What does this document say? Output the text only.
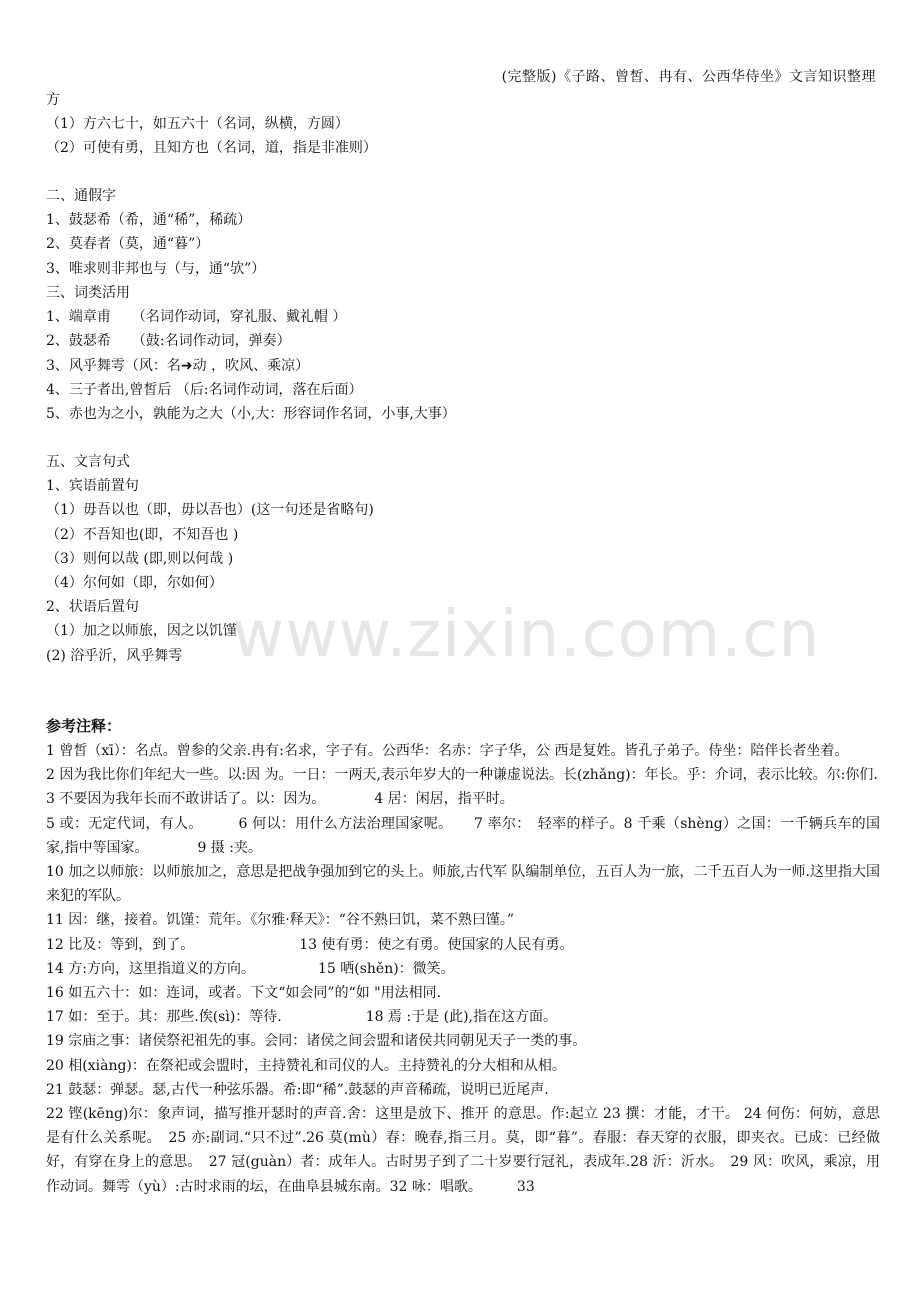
(完整版)《子路、曾皙、冉有、公西华侍坐》文言知识整理
www.zixin.com.cn
方
（1）方六七十，如五六十（名词，纵横，方圆）
（2）可使有勇，且知方也（名词，道，指是非准则）
二、通假字
1、鼓瑟希（希，通“稀”，稀疏）
2、莫春者（莫，通“暮”）
3、唯求则非邦也与（与，通“欤”）
三、词类活用
1、端章甫　　（名词作动词，穿礼服、戴礼帽 ）
2、鼓瑟希　　（鼓:名词作动词，弹奏）
3、风乎舞雩（风：名➜动 ，吹风、乘凉）
4、三子者出,曾皙后 （后:名词作动词，落在后面）
5、赤也为之小，孰能为之大（小,大：形容词作名词，小事,大事）
五、文言句式
1、宾语前置句
（1）毋吾以也（即，毋以吾也）(这一句还是省略句)
（2）不吾知也(即，不知吾也 )
（3）则何以哉 (即,则以何哉 )
（4）尔何如（即，尔如何）
2、状语后置句
（1）加之以师旅，因之以饥馑
(2) 浴乎沂，风乎舞雩
参考注释：
1 曾皙（xī）：名点。曾参的父亲.冉有:名求，字子有。公西华：名赤：字子华，公 西是复姓。皆孔子弟子。侍坐：陪伴长者坐着。
2 因为我比你们年纪大一些。以:因 为。一日：一两天,表示年岁大的一种谦虚说法。长(zhǎng)：年长。乎：介词，表示比较。尔:你们.
3 不要因为我年长而不敢讲话了。以：因为。　　　　4 居：闲居，指平时。
5 或：无定代词，有人。　　　6 何以：用什么方法治理国家呢。　　7 率尔：　轻率的样子。8 千乘（shèng）之国：一千辆兵车的国家,指中等国家。　　　　9 摄 :夹。
10 加之以师旅：以师旅加之，意思是把战争强加到它的头上。师旅,古代军 队编制单位，五百人为一旅，二千五百人为一师.这里指大国来犯的军队。
11 因：继，接着。饥馑：荒年。《尔雅·释天》：“谷不熟曰饥，菜不熟曰馑。”
12 比及：等到，到了。　　　　　　　　13 使有勇：使之有勇。使国家的人民有勇。
14 方:方向，这里指道义的方向。　　　　　15 哂(shěn)：微笑。
16 如五六十：如：连词，或者。下文“如会同”的“如 "用法相同.
17 如：至于。其：那些.俟(sì)：等待.　　　　　　18 焉 :于是 (此),指在这方面。
19 宗庙之事：诸侯祭祀祖先的事。会同：诸侯之间会盟和诸侯共同朝见天子一类的事。
20 相(xiàng)：在祭祀或会盟时，主持赞礼和司仪的人。主持赞礼的分大相和从相。
21 鼓瑟：弹瑟。瑟,古代一种弦乐器。希:即“稀”.鼓瑟的声音稀疏，说明已近尾声.
22 铿(kēng)尔：象声词，描写推开瑟时的声音.舍：这里是放下、推开 的意思。作:起立 23 撰：才能，才干。 24 何伤：何妨，意思是有什么关系呢。　25 亦:副词.“只不过”.26 莫(mù）春：晚春,指三月。莫，即“暮”。春服：春天穿的衣服，即夹衣。已成：已经做好，有穿在身上的意思。　27 冠(guàn）者：成年人。古时男子到了二十岁要行冠礼，表成年.28 沂：沂水。　29 风：吹风，乘凉，用作动词。舞雩（yù）:古时求雨的坛，在曲阜县城东南。32 咏：唱歌。　　　33
